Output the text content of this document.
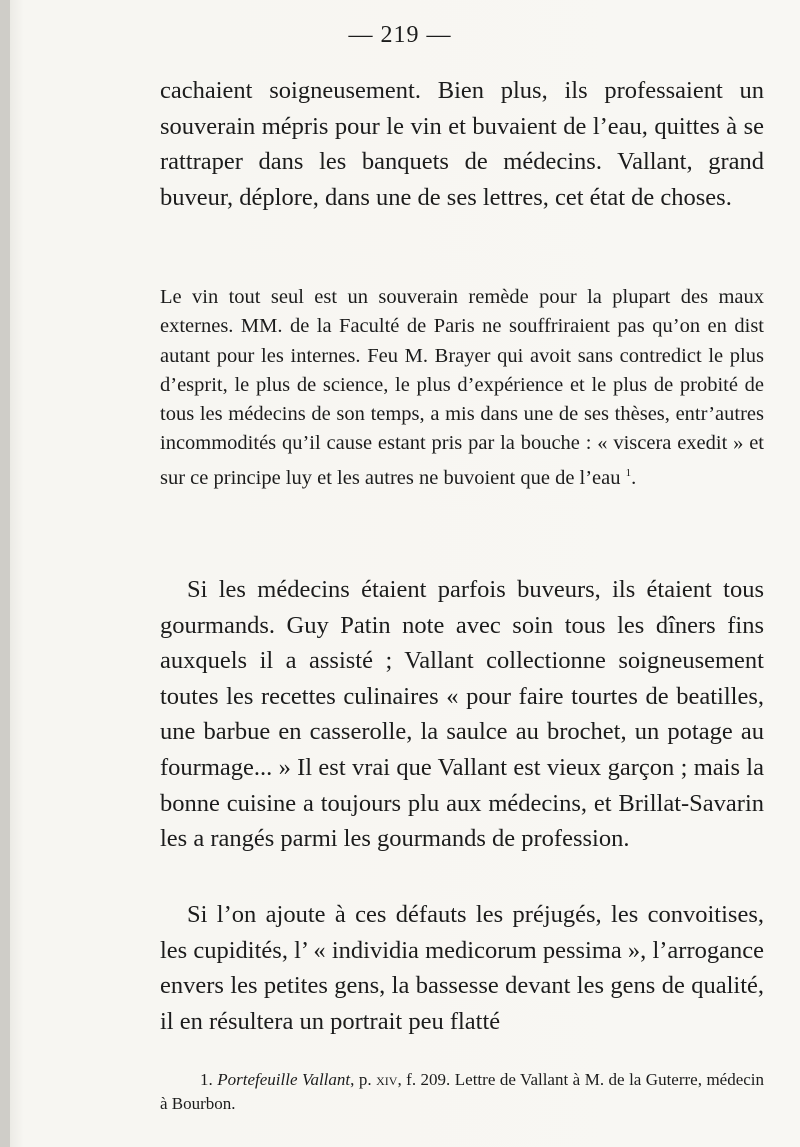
— 219 —

cachaient soigneusement. Bien plus, ils professaient un souverain mépris pour le vin et buvaient de l’eau, quittes à se rattraper dans les banquets de médecins. Vallant, grand buveur, déplore, dans une de ses lettres, cet état de choses.

Le vin tout seul est un souverain remède pour la plupart des maux externes. MM. de la Faculté de Paris ne souffriraient pas qu’on en dist autant pour les internes. Feu M. Brayer qui avoit sans contredict le plus d’esprit, le plus de science, le plus d’expérience et le plus de probité de tous les médecins de son temps, a mis dans une de ses thèses, entr’autres incommodités qu’il cause estant pris par la bouche : « viscera exedit » et sur ce principe luy et les autres ne buvoient que de l’eau $^1$.

Si les médecins étaient parfois buveurs, ils étaient tous gourmands. Guy Patin note avec soin tous les dîners fins auxquels il a assisté ; Vallant collectionne soigneusement toutes les recettes culinaires « pour faire tourtes de beatilles, une barbue en casserolle, la saulce au brochet, un potage au fourmage... » Il est vrai que Vallant est vieux garçon ; mais la bonne cuisine a toujours plu aux médecins, et Brillat-Savarin les a rangés parmi les gourmands de profession.

Si l’on ajoute à ces défauts les préjugés, les convoitises, les cupidités, l’ « individia medicorum pessima », l’arrogance envers les petites gens, la bassesse devant les gens de qualité, il en résultera un portrait peu flatté

1. Portefeuille Vallant, p. xiv, f. 209. Lettre de Vallant à M. de la Guterre, médecin à Bourbon.
